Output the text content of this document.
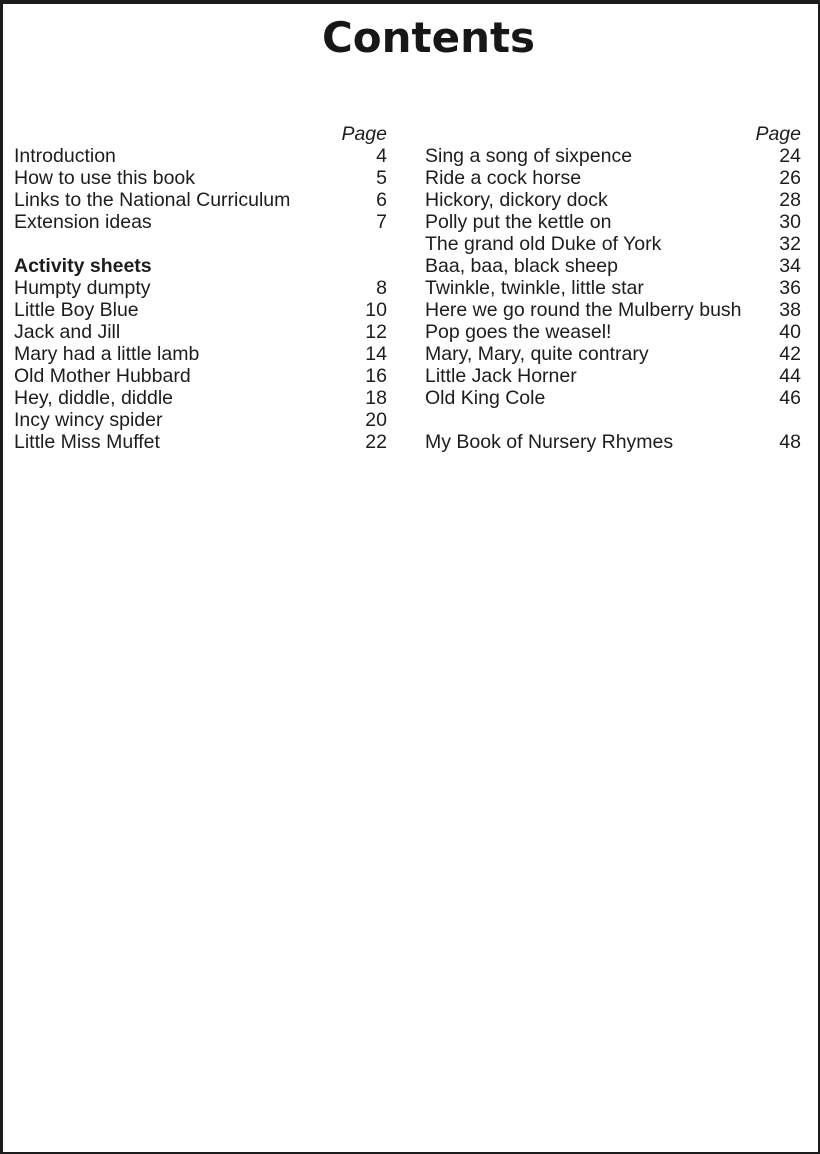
Contents
Page
Introduction	4
How to use this book	5
Links to the National Curriculum	6
Extension ideas	7
Activity sheets
Humpty dumpty	8
Little Boy Blue	10
Jack and Jill	12
Mary had a little lamb	14
Old Mother Hubbard	16
Hey, diddle, diddle	18
Incy wincy spider	20
Little Miss Muffet	22
Page
Sing a song of sixpence	24
Ride a cock horse	26
Hickory, dickory dock	28
Polly put the kettle on	30
The grand old Duke of York	32
Baa, baa, black sheep	34
Twinkle, twinkle, little star	36
Here we go round the Mulberry bush	38
Pop goes the weasel!	40
Mary, Mary, quite contrary	42
Little Jack Horner	44
Old King Cole	46
My Book of Nursery Rhymes	48
